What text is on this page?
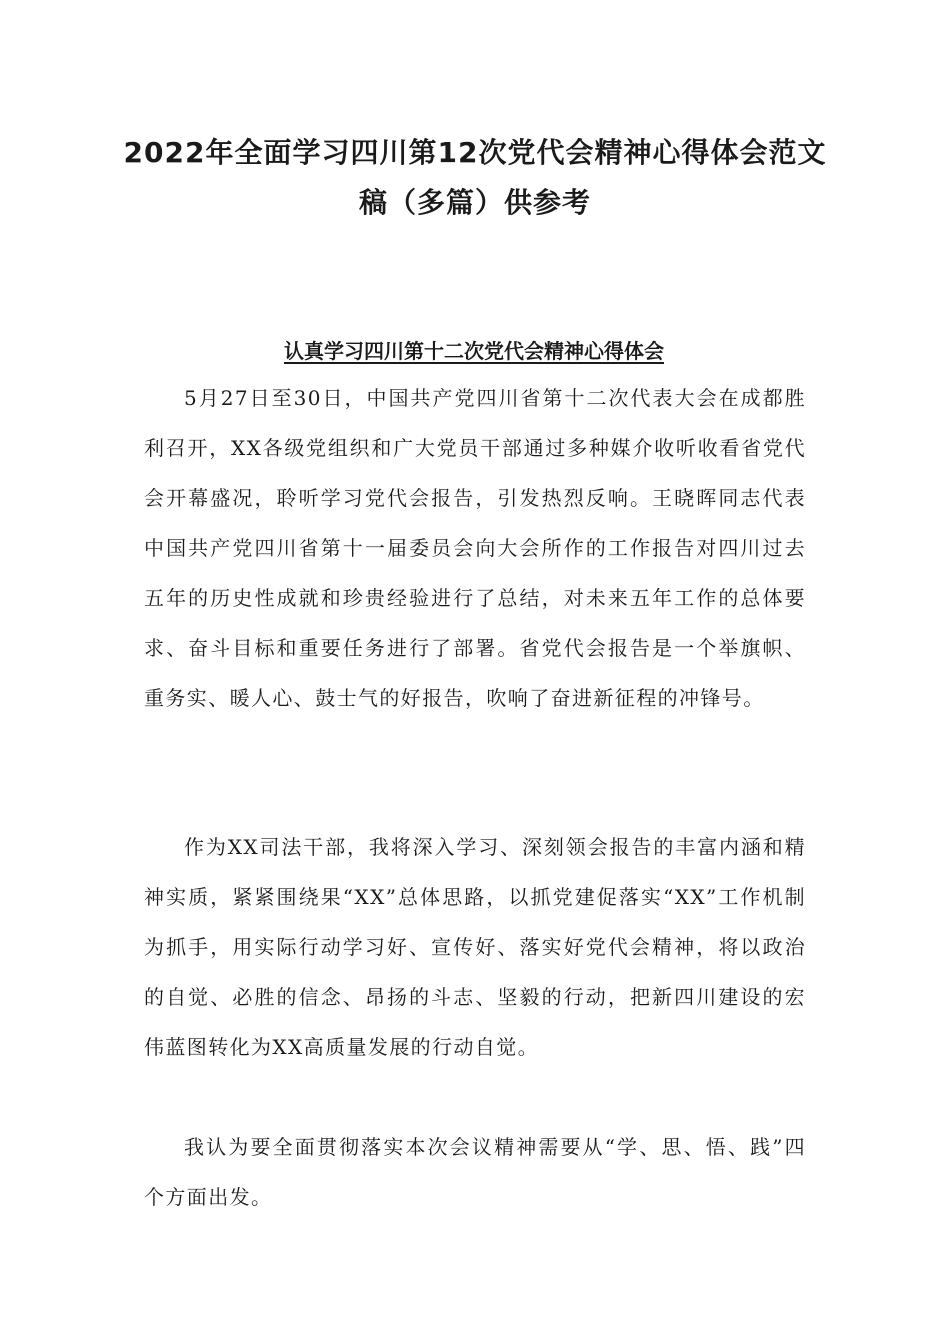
2022年全面学习四川第12次党代会精神心得体会范文稿（多篇）供参考
认真学习四川第十二次党代会精神心得体会

5月27日至30日，中国共产党四川省第十二次代表大会在成都胜利召开，XX各级党组织和广大党员干部通过多种媒介收听收看省党代会开幕盛况，聆听学习党代会报告，引发热烈反响。王晓晖同志代表中国共产党四川省第十一届委员会向大会所作的工作报告对四川过去五年的历史性成就和珍贵经验进行了总结，对未来五年工作的总体要求、奋斗目标和重要任务进行了部署。省党代会报告是一个举旗帜、重务实、暖人心、鼓士气的好报告，吹响了奋进新征程的冲锋号。

作为XX司法干部，我将深入学习、深刻领会报告的丰富内涵和精神实质，紧紧围绕果“XX”总体思路，以抓党建促落实“XX”工作机制为抓手，用实际行动学习好、宣传好、落实好党代会精神，将以政治的自觉、必胜的信念、昂扬的斗志、坚毅的行动，把新四川建设的宏伟蓝图转化为XX高质量发展的行动自觉。

我认为要全面贯彻落实本次会议精神需要从“学、思、悟、践”四个方面出发。
